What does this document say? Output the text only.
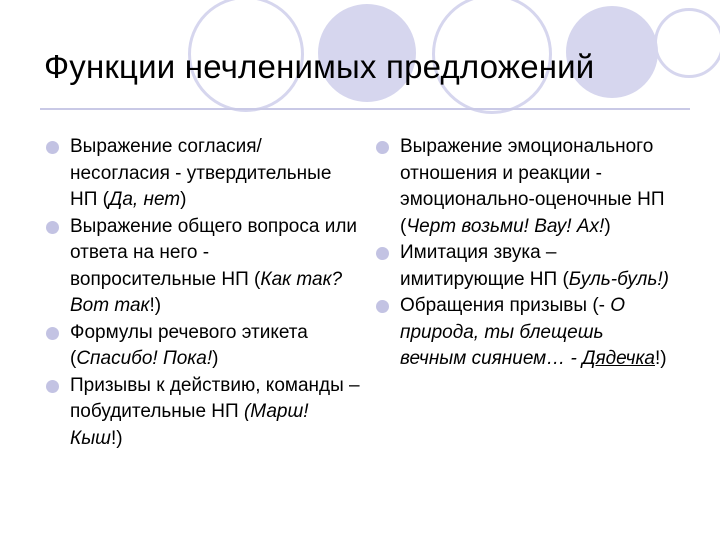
Функции нечленимых предложений
Выражение согласия/несогласия - утвердительные НП (Да, нет)
Выражение общего вопроса или ответа на него - вопросительные НП (Как так? Вот так!)
Формулы речевого этикета (Спасибо! Пока!)
Призывы к действию, команды – побудительные НП (Марш! Кыш!)
Выражение эмоционального отношения и реакции - эмоционально-оценочные НП (Черт возьми! Вау! Ах!)
Имитация звука – имитирующие НП (Буль-буль!)
Обращения призывы (- О природа, ты блещешь вечным сиянием… - Дядечка!)
